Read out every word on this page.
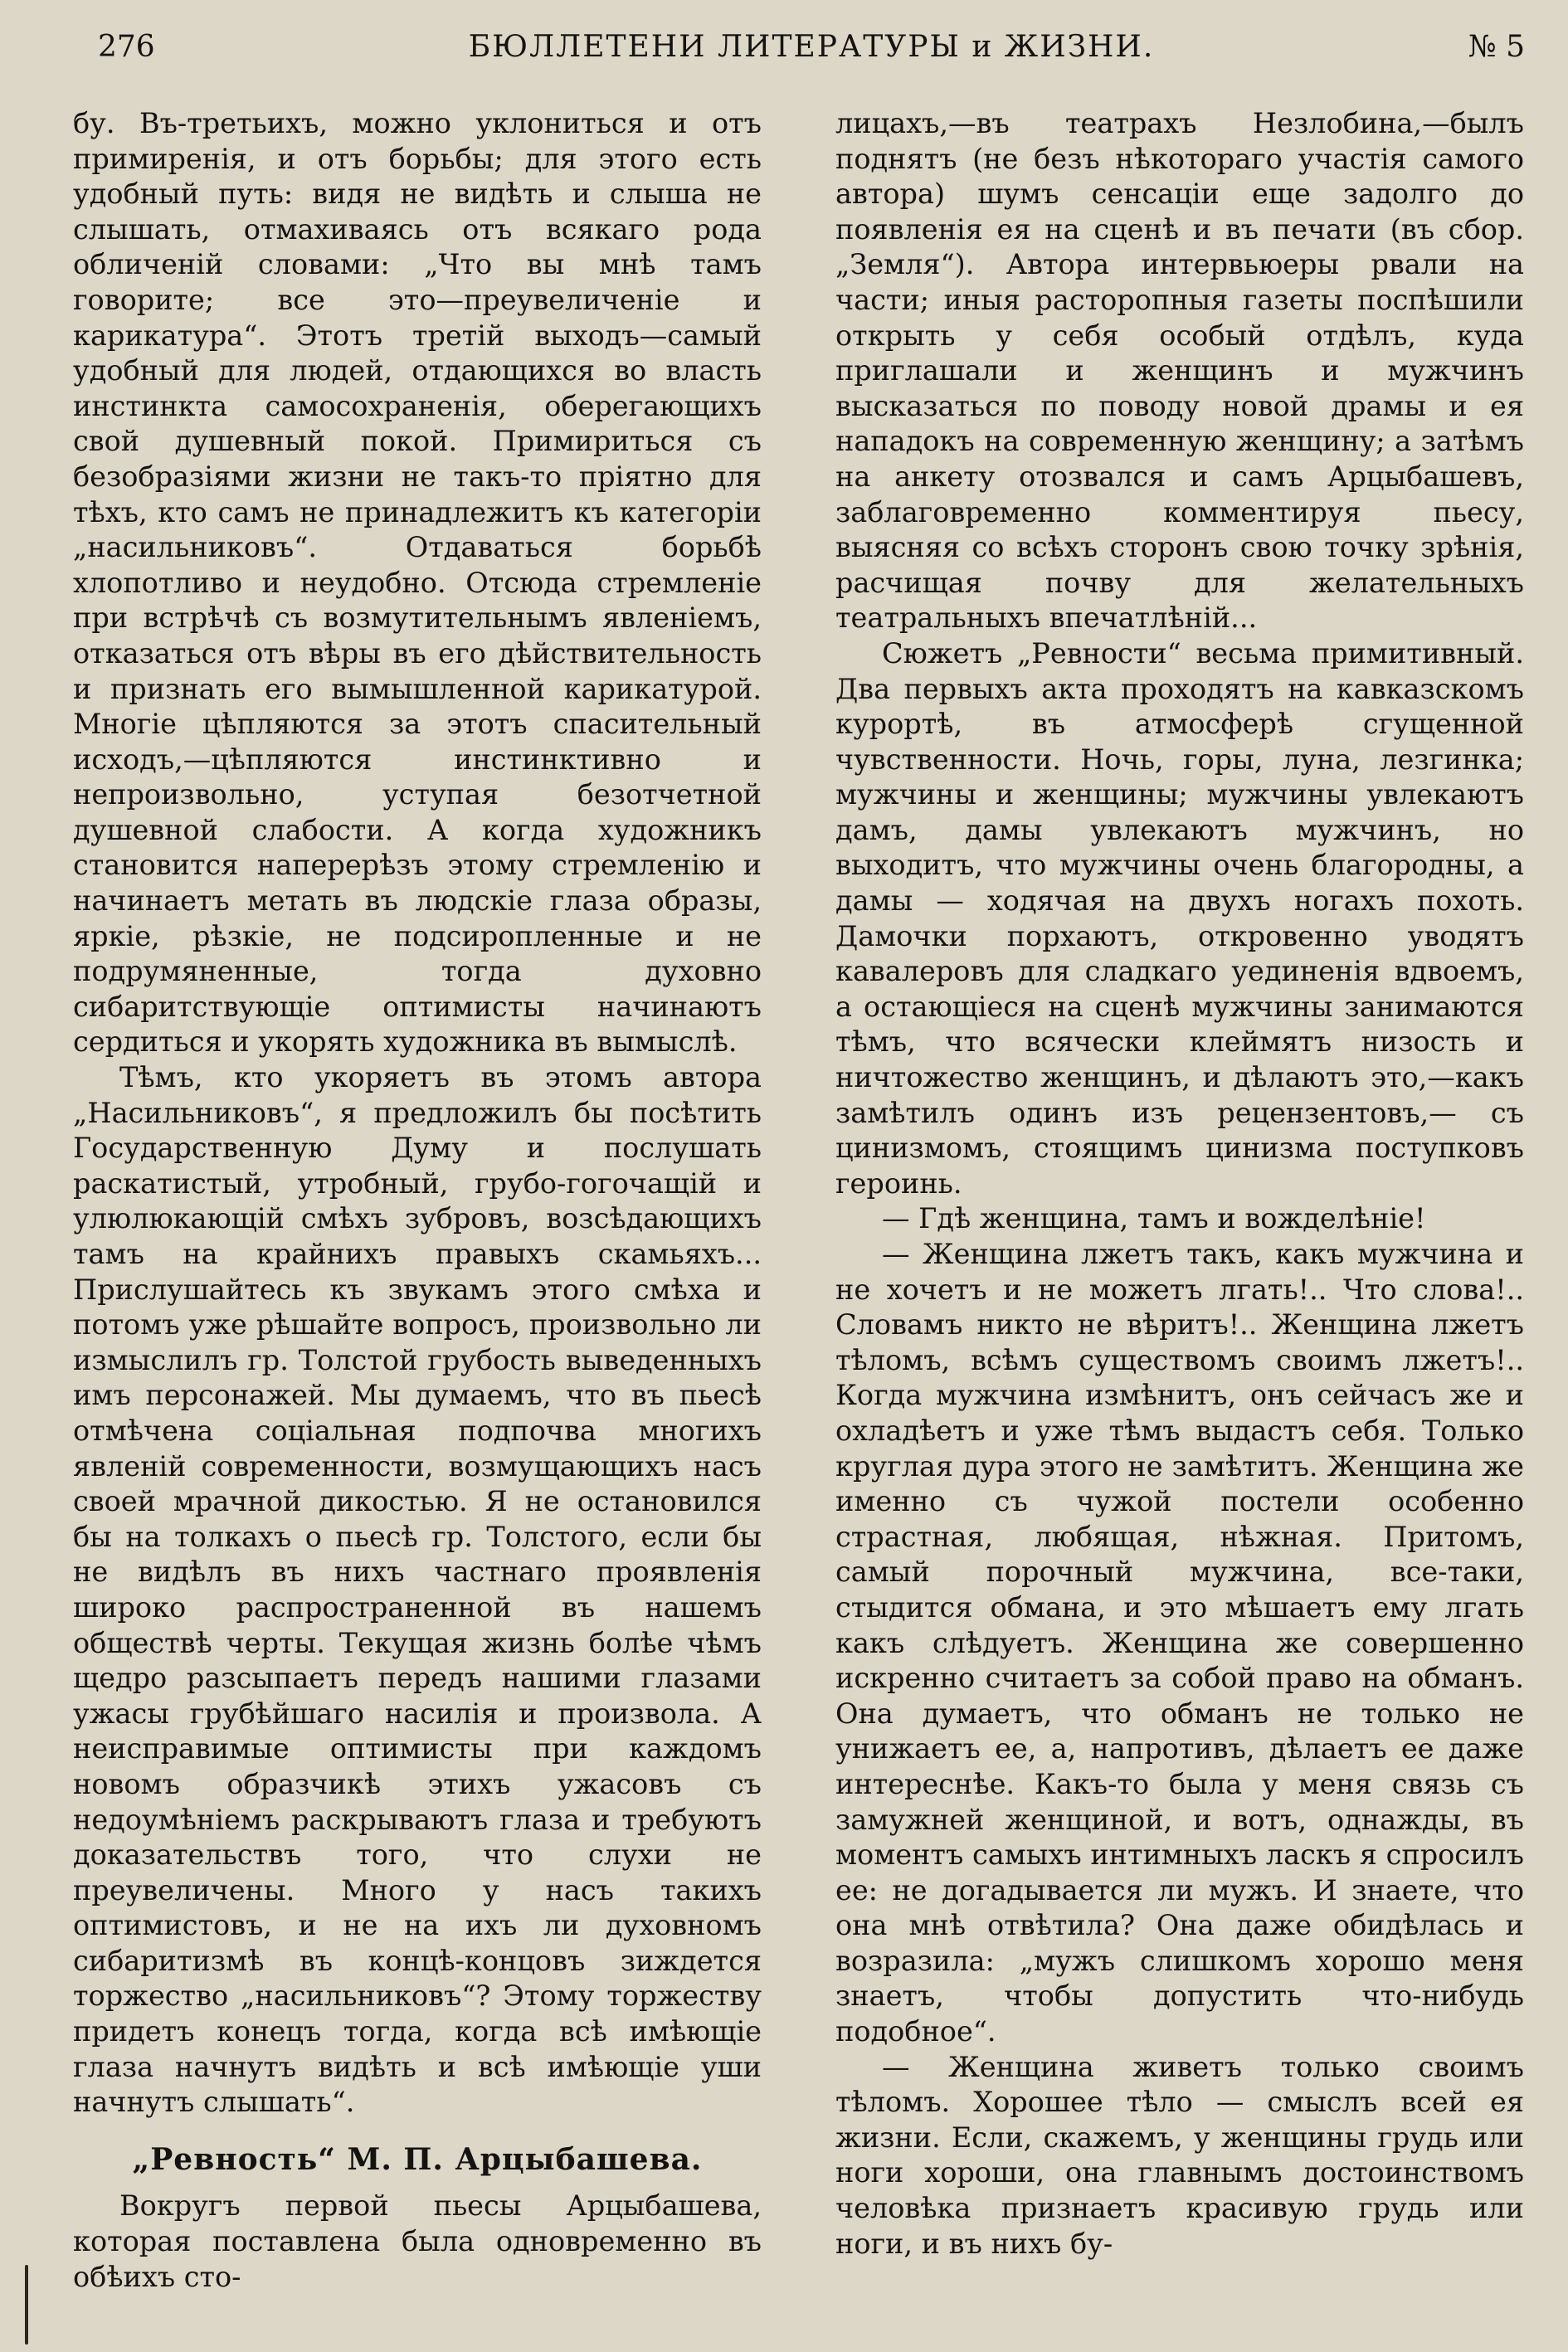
276	БЮЛЛЕТЕНИ ЛИТЕРАТУРЫ и ЖИЗНИ.	№ 5

бу. Въ-третьихъ, можно уклониться и отъ примиренія, и отъ борьбы; для этого есть удобный путь: видя не видѣть и слыша не слышать, отмахиваясь отъ всякаго рода обличеній словами: „Что вы мнѣ тамъ говорите; все это—преувеличеніе и карикатура“. Этотъ третій выходъ—самый удобный для людей, отдающихся во власть инстинкта самосохраненія, оберегающихъ свой душевный покой. Примириться съ безобразіями жизни не такъ-то пріятно для тѣхъ, кто самъ не принадлежитъ къ категоріи „насильниковъ“. Отдаваться борьбѣ хлопотливо и неудобно. Отсюда стремленіе при встрѣчѣ съ возмутительнымъ явленіемъ, отказаться отъ вѣры въ его дѣйствительность и признать его вымышленной карикатурой. Многіе цѣпляются за этотъ спасительный исходъ,—цѣпляются инстинктивно и непроизвольно, уступая безотчетной душевной слабости. А когда художникъ становится наперерѣзъ этому стремленію и начинаетъ метать въ людскіе глаза образы, яркіе, рѣзкіе, не подсиропленные и не подрумяненные, тогда духовно сибаритствующіе оптимисты начинаютъ сердиться и укорять художника въ вымыслѣ.

Тѣмъ, кто укоряетъ въ этомъ автора „Насильниковъ“, я предложилъ бы посѣтить Государственную Думу и послушать раскатистый, утробный, грубо-гогочащій и улюлюкающій смѣхъ зубровъ, возсѣдающихъ тамъ на крайнихъ правыхъ скамьяхъ... Прислушайтесь къ звукамъ этого смѣха и потомъ уже рѣшайте вопросъ, произвольно ли измыслилъ гр. Толстой грубость выведенныхъ имъ персонажей. Мы думаемъ, что въ пьесѣ отмѣчена соціальная подпочва многихъ явленій современности, возмущающихъ насъ своей мрачной дикостью. Я не остановился бы на толкахъ о пьесѣ гр. Толстого, если бы не видѣлъ въ нихъ частнаго проявленія широко распространенной въ нашемъ обществѣ черты. Текущая жизнь болѣе чѣмъ щедро разсыпаетъ передъ нашими глазами ужасы грубѣйшаго насилія и произвола. А неисправимые оптимисты при каждомъ новомъ образчикѣ этихъ ужасовъ съ недоумѣніемъ раскрываютъ глаза и требуютъ доказательствъ того, что слухи не преувеличены. Много у насъ такихъ оптимистовъ, и не на ихъ ли духовномъ сибаритизмѣ въ концѣ-концовъ зиждется торжество „насильниковъ“? Этому торжеству придетъ конецъ тогда, когда всѣ имѣющіе глаза начнутъ видѣть и всѣ имѣющіе уши начнутъ слышать“.

„Ревность“ М. П. Арцыбашева.

Вокругъ первой пьесы Арцыбашева, которая поставлена была одновременно въ обѣихъ сто-

лицахъ,—въ театрахъ Незлобина,—былъ поднятъ (не безъ нѣкотораго участія самого автора) шумъ сенсаціи еще задолго до появленія ея на сценѣ и въ печати (въ сбор. „Земля“). Автора интервьюеры рвали на части; иныя расторопныя газеты поспѣшили открыть у себя особый отдѣлъ, куда приглашали и женщинъ и мужчинъ высказаться по поводу новой драмы и ея нападокъ на современную женщину; а затѣмъ на анкету отозвался и самъ Арцыбашевъ, заблаговременно комментируя пьесу, выясняя со всѣхъ сторонъ свою точку зрѣнія, расчищая почву для желательныхъ театральныхъ впечатлѣній...

Сюжетъ „Ревности“ весьма примитивный. Два первыхъ акта проходятъ на кавказскомъ курортѣ, въ атмосферѣ сгущенной чувственности. Ночь, горы, луна, лезгинка; мужчины и женщины; мужчины увлекаютъ дамъ, дамы увлекаютъ мужчинъ, но выходитъ, что мужчины очень благородны, а дамы — ходячая на двухъ ногахъ похоть. Дамочки порхаютъ, откровенно уводятъ кавалеровъ для сладкаго уединенія вдвоемъ, а остающіеся на сценѣ мужчины занимаются тѣмъ, что всячески клеймятъ низость и ничтожество женщинъ, и дѣлаютъ это,—какъ замѣтилъ одинъ изъ рецензентовъ,— съ цинизмомъ, стоящимъ цинизма поступковъ героинь.

— Гдѣ женщина, тамъ и вожделѣніе!

— Женщина лжетъ такъ, какъ мужчина и не хочетъ и не можетъ лгать!.. Что слова!.. Словамъ никто не вѣритъ!.. Женщина лжетъ тѣломъ, всѣмъ существомъ своимъ лжетъ!.. Когда мужчина измѣнитъ, онъ сейчасъ же и охладѣетъ и уже тѣмъ выдастъ себя. Только круглая дура этого не замѣтитъ. Женщина же именно съ чужой постели особенно страстная, любящая, нѣжная. Притомъ, самый порочный мужчина, все-таки, стыдится обмана, и это мѣшаетъ ему лгать какъ слѣдуетъ. Женщина же совершенно искренно считаетъ за собой право на обманъ. Она думаетъ, что обманъ не только не унижаетъ ее, а, напротивъ, дѣлаетъ ее даже интереснѣе. Какъ-то была у меня связь съ замужней женщиной, и вотъ, однажды, въ моментъ самыхъ интимныхъ ласкъ я спросилъ ее: не догадывается ли мужъ. И знаете, что она мнѣ отвѣтила? Она даже обидѣлась и возразила: „мужъ слишкомъ хорошо меня знаетъ, чтобы допустить что-нибудь подобное“.

— Женщина живетъ только своимъ тѣломъ. Хорошее тѣло — смыслъ всей ея жизни. Если, скажемъ, у женщины грудь или ноги хороши, она главнымъ достоинствомъ человѣка признаетъ красивую грудь или ноги, и въ нихъ бу-
